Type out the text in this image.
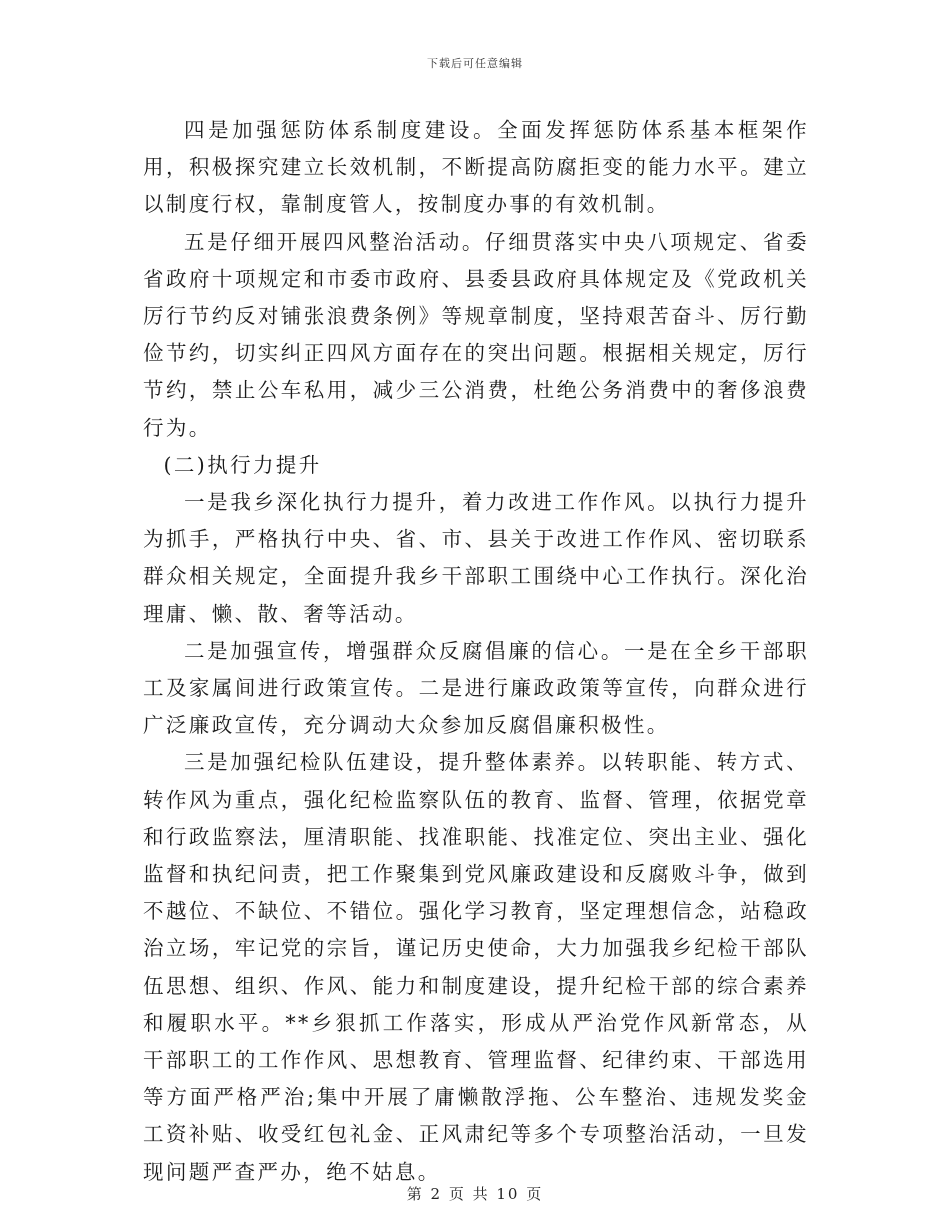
下载后可任意编辑

四是加强惩防体系制度建设。全面发挥惩防体系基本框架作用，积极探究建立长效机制，不断提高防腐拒变的能力水平。建立以制度行权，靠制度管人，按制度办事的有效机制。

五是仔细开展四风整治活动。仔细贯落实中央八项规定、省委省政府十项规定和市委市政府、县委县政府具体规定及《党政机关厉行节约反对铺张浪费条例》等规章制度，坚持艰苦奋斗、厉行勤俭节约，切实纠正四风方面存在的突出问题。根据相关规定，厉行节约，禁止公车私用，减少三公消费，杜绝公务消费中的奢侈浪费行为。

(二)执行力提升

一是我乡深化执行力提升，着力改进工作作风。以执行力提升为抓手，严格执行中央、省、市、县关于改进工作作风、密切联系群众相关规定，全面提升我乡干部职工围绕中心工作执行。深化治理庸、懒、散、奢等活动。

二是加强宣传，增强群众反腐倡廉的信心。一是在全乡干部职工及家属间进行政策宣传。二是进行廉政政策等宣传，向群众进行广泛廉政宣传，充分调动大众参加反腐倡廉积极性。

三是加强纪检队伍建设，提升整体素养。以转职能、转方式、转作风为重点，强化纪检监察队伍的教育、监督、管理，依据党章和行政监察法，厘清职能、找准职能、找准定位、突出主业、强化监督和执纪问责，把工作聚集到党风廉政建设和反腐败斗争，做到不越位、不缺位、不错位。强化学习教育，坚定理想信念，站稳政治立场，牢记党的宗旨，谨记历史使命，大力加强我乡纪检干部队伍思想、组织、作风、能力和制度建设，提升纪检干部的综合素养和履职水平。**乡狠抓工作落实，形成从严治党作风新常态，从干部职工的工作作风、思想教育、管理监督、纪律约束、干部选用等方面严格严治;集中开展了庸懒散浮拖、公车整治、违规发奖金工资补贴、收受红包礼金、正风肃纪等多个专项整治活动，一旦发现问题严查严办，绝不姑息。

第 2 页 共 10 页
